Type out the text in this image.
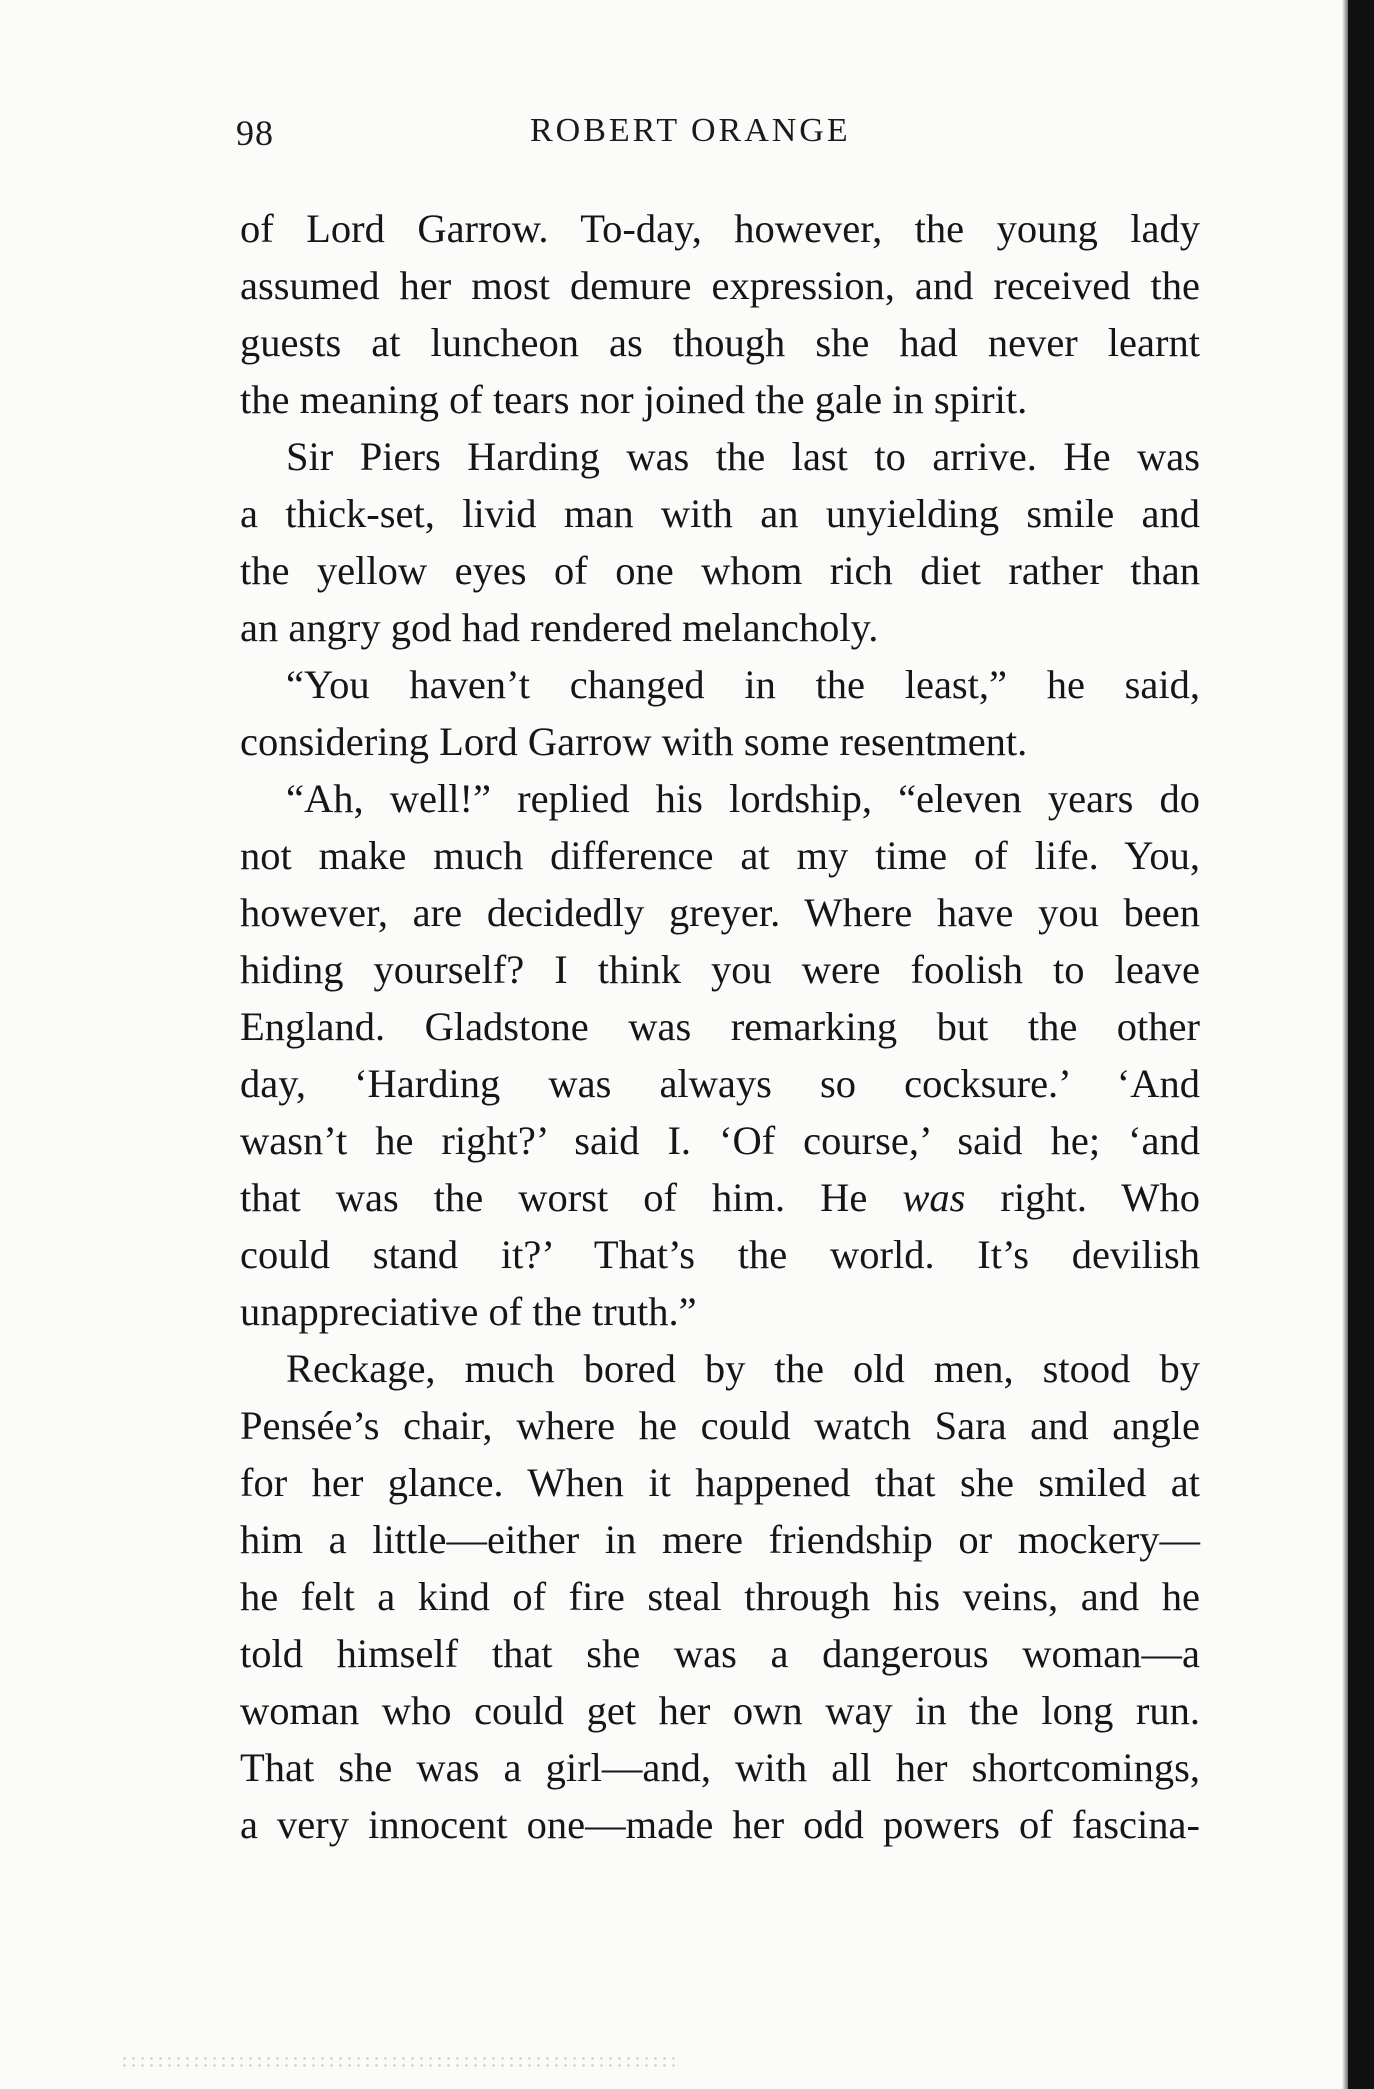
98	ROBERT ORANGE
of Lord Garrow. To-day, however, the young lady
assumed her most demure expression, and received the
guests at luncheon as though she had never learnt
the meaning of tears nor joined the gale in spirit.
Sir Piers Harding was the last to arrive. He was
a thick-set, livid man with an unyielding smile and
the yellow eyes of one whom rich diet rather than
an angry god had rendered melancholy.
“You haven’t changed in the least,” he said,
considering Lord Garrow with some resentment.
“Ah, well!” replied his lordship, “eleven years do
not make much difference at my time of life. You,
however, are decidedly greyer. Where have you been
hiding yourself? I think you were foolish to leave
England. Gladstone was remarking but the other
day, ‘Harding was always so cocksure.’ ‘And
wasn’t he right?’ said I. ‘Of course,’ said he; ‘and
that was the worst of him. He was right. Who
could stand it?’ That’s the world. It’s devilish
unappreciative of the truth.”
Reckage, much bored by the old men, stood by
Pensée’s chair, where he could watch Sara and angle
for her glance. When it happened that she smiled at
him a little—either in mere friendship or mockery—
he felt a kind of fire steal through his veins, and he
told himself that she was a dangerous woman—a
woman who could get her own way in the long run.
That she was a girl—and, with all her shortcomings,
a very innocent one—made her odd powers of fascina-
